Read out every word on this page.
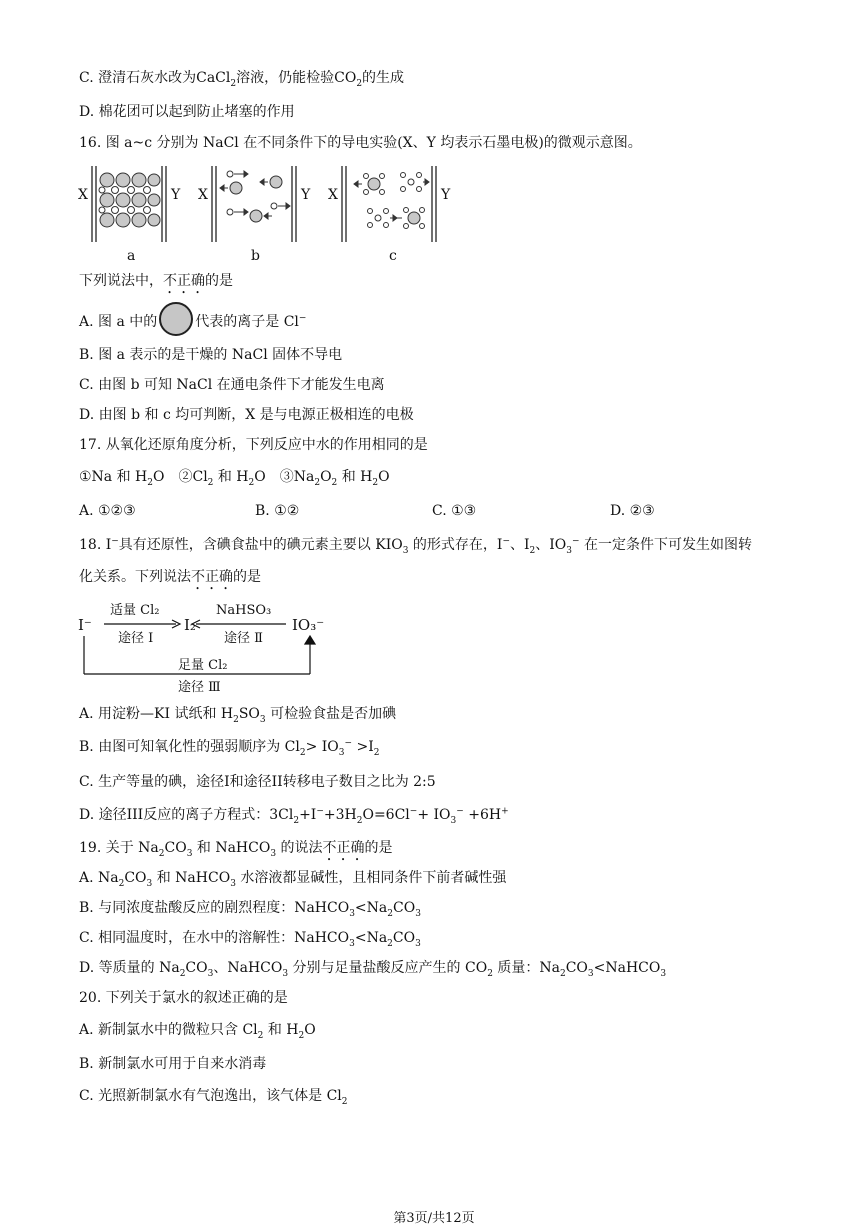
C. 澄清石灰水改为CaCl$_2$溶液，仍能检验$CO_2$的生成
D. 棉花团可以起到防止堵塞的作用
16. 图 a~c 分别为 NaCl 在不同条件下的导电实验(X、Y 均表示石墨电极)的微观示意图。
X	Y X	Y X	Y
a	b	c
下列说法中，不正确的是
A. 图 a 中的	代表的离子是 Cl−
B. 图 a 表示的是干燥的 NaCl 固体不导电
C. 由图 b 可知 NaCl 在通电条件下才能发生电离
D. 由图 b 和 c 均可判断，X 是与电源正极相连的电极
17. 从氧化还原角度分析，下列反应中水的作用相同的是
①Na 和 $H_2O$　$②Cl_2$ 和 $H_2O$　$③Na_2O_2$ 和 $H_2O$
A. ①②③	B. ①②	C. ①③	D. ②③
18. I−具有还原性，含碘食盐中的碘元素主要以 $KIO_3$ 的形式存在，I−、$I_2$、$IO_3^-$ 在一定条件下可发生如图转
化关系。下列说法不正确的是
I⁻	I₂	IO₃⁻
适量 Cl₂	NaHSO₃
途径 Ⅰ	途径 Ⅱ
足量 Cl₂
途径 Ⅲ
A. 用淀粉—KI 试纸和 $H_2SO_3$ 可检验食盐是否加碘
B. 由图可知氧化性的强弱顺序为 $Cl_2> IO_3^- >I_2$
C. 生产等量的碘，途径I和途径II转移电子数目之比为 2:5
D. 途径III反应的离子方程式：$3Cl_2+I^-+3H_2O=6Cl^-+ IO_3^- +6H^+$
19. 关于 $Na_2CO_3$ 和 NaHCO$_3$ 的说法不正确的是
A. $Na_2CO_3$ 和 NaHCO$_3$ 水溶液都显碱性，且相同条件下前者碱性强
B. 与同浓度盐酸反应的剧烈程度：$NaHCO_3<Na_2CO_3$
C. 相同温度时，在水中的溶解性：$NaHCO_3<Na_2CO_3$
D. 等质量的 $Na_2CO_3$、NaHCO$_3$ 分别与足量盐酸反应产生的 $CO_2$ 质量：$Na_2CO_3<NaHCO_3$
20. 下列关于氯水的叙述正确的是
A. 新制氯水中的微粒只含 $Cl_2$ 和 $H_2O$
B. 新制氯水可用于自来水消毒
C. 光照新制氯水有气泡逸出，该气体是 $Cl_2$
第3页/共12页
